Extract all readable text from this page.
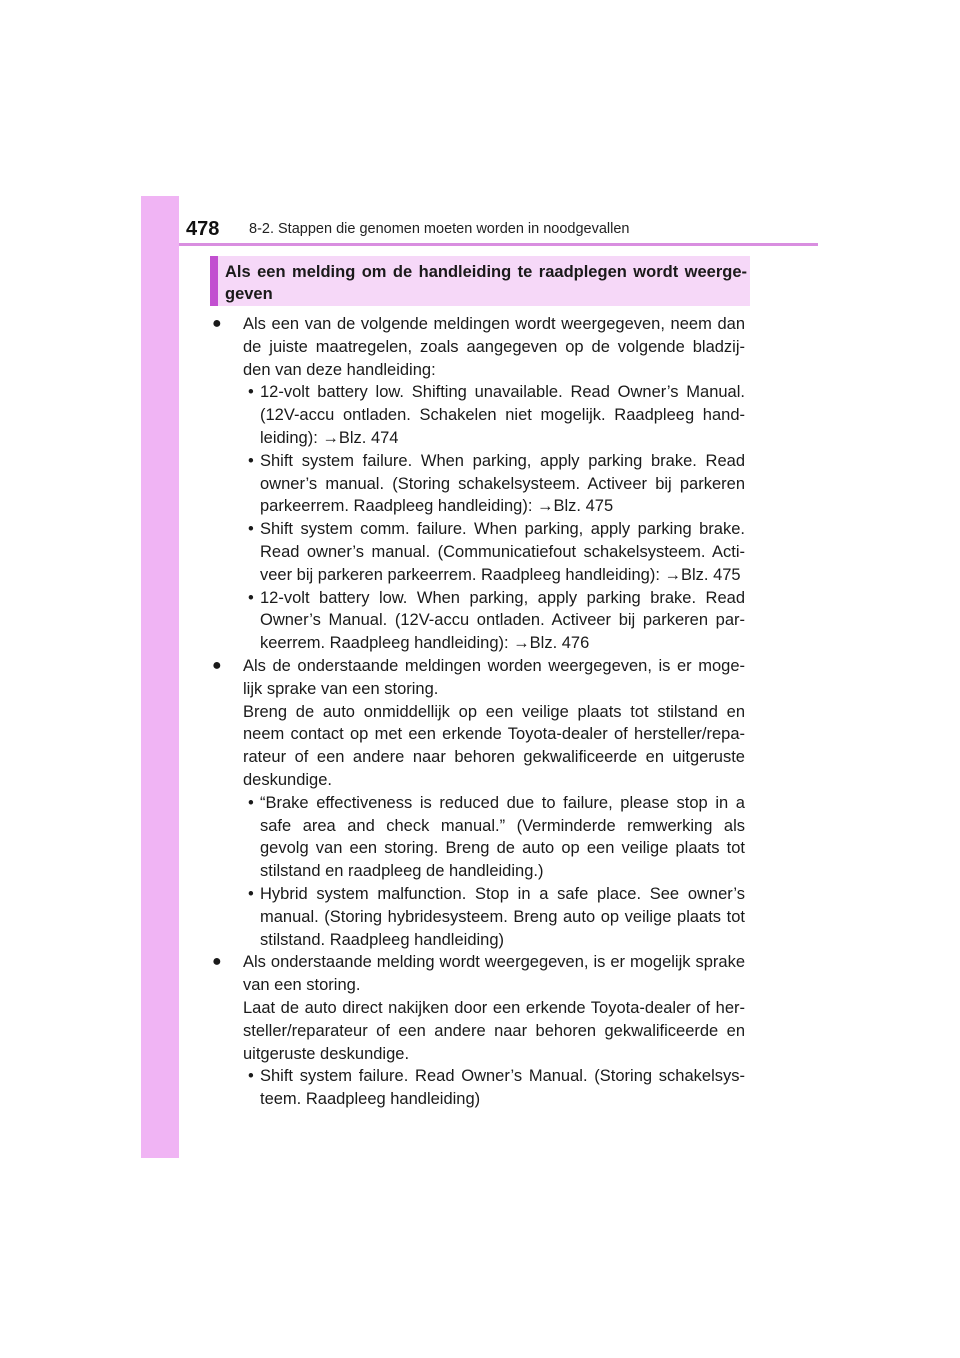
478 8-2. Stappen die genomen moeten worden in noodgevallen
Als een melding om de handleiding te raadplegen wordt weerge-geven
● Als een van de volgende meldingen wordt weergegeven, neem dan de juiste maatregelen, zoals aangegeven op de volgende bladzij-den van deze handleiding:

• 12-volt battery low. Shifting unavailable. Read Owner’s Manual. (12V-accu ontladen. Schakelen niet mogelijk. Raadpleeg hand-leiding): →Blz. 474

• Shift system failure. When parking, apply parking brake. Read owner’s manual. (Storing schakelsysteem. Activeer bij parkeren parkeerrem. Raadpleeg handleiding): →Blz. 475

• Shift system comm. failure. When parking, apply parking brake. Read owner’s manual. (Communicatiefout schakelsysteem. Acti-veer bij parkeren parkeerrem. Raadpleeg handleiding): →Blz. 475

• 12-volt battery low. When parking, apply parking brake. Read Owner’s Manual. (12V-accu ontladen. Activeer bij parkeren par-keerrem. Raadpleeg handleiding): →Blz. 476

● Als de onderstaande meldingen worden weergegeven, is er moge-lijk sprake van een storing.

Breng de auto onmiddellijk op een veilige plaats tot stilstand en neem contact op met een erkende Toyota-dealer of hersteller/repa-rateur of een andere naar behoren gekwalificeerde en uitgeruste deskundige.

• “Brake effectiveness is reduced due to failure, please stop in a safe area and check manual.” (Verminderde remwerking als gevolg van een storing. Breng de auto op een veilige plaats tot stilstand en raadpleeg de handleiding.)

• Hybrid system malfunction. Stop in a safe place. See owner’s manual. (Storing hybridesysteem. Breng auto op veilige plaats tot stilstand. Raadpleeg handleiding)

● Als onderstaande melding wordt weergegeven, is er mogelijk sprake van een storing.

Laat de auto direct nakijken door een erkende Toyota-dealer of her-steller/reparateur of een andere naar behoren gekwalificeerde en uitgeruste deskundige.

• Shift system failure. Read Owner’s Manual. (Storing schakelsys-teem. Raadpleeg handleiding)
